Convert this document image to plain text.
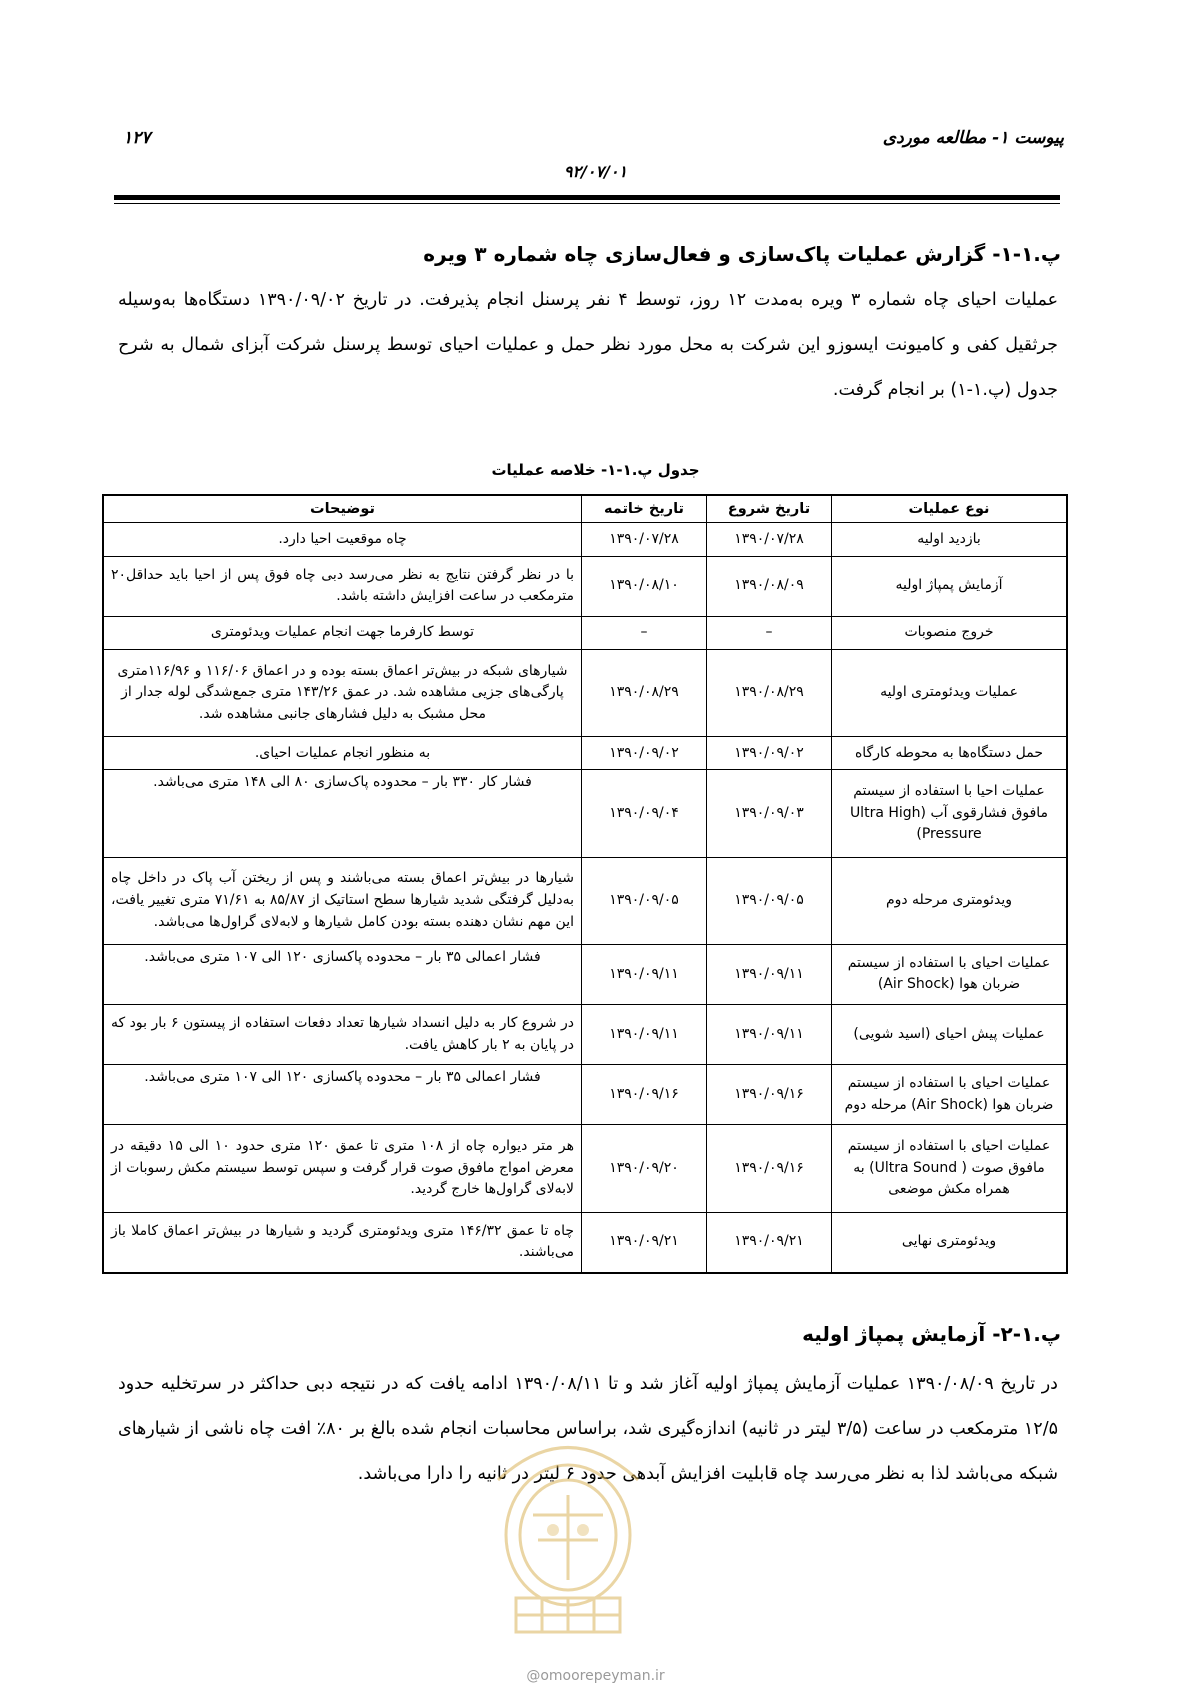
پیوست ۱- مطالعه موردی
۱۲۷
۹۲/۰۷/۰۱
پ.۱-۱- گزارش عملیات پاک‌سازی و فعال‌سازی چاه شماره ۳ ویره
عملیات احیای چاه شماره ۳ ویره به‌مدت ۱۲ روز، توسط ۴ نفر پرسنل انجام پذیرفت. در تاریخ ۱۳۹۰/۰۹/۰۲ دستگاه‌ها به‌وسیله جرثقیل کفی و کامیونت ایسوزو این شرکت به محل مورد نظر حمل و عملیات احیای توسط پرسنل شرکت آبزای شمال به شرح جدول (پ.۱-۱) بر انجام گرفت.
جدول پ.۱-۱- خلاصه عملیات
نوع عملیات	تاریخ شروع	تاریخ خاتمه	توضیحات
بازدید اولیه	۱۳۹۰/۰۷/۲۸	۱۳۹۰/۰۷/۲۸	چاه موقعیت احیا دارد.
آزمایش پمپاژ اولیه	۱۳۹۰/۰۸/۰۹	۱۳۹۰/۰۸/۱۰	با در نظر گرفتن نتایج به نظر می‌رسد دبی چاه فوق پس از احیا باید حداقل۲۰ مترمکعب در ساعت افزایش داشته باشد.
خروج منصوبات	–	–	توسط کارفرما جهت انجام عملیات ویدئومتری
عملیات ویدئومتری اولیه	۱۳۹۰/۰۸/۲۹	۱۳۹۰/۰۸/۲۹	شیارهای شبکه در بیش‌تر اعماق بسته بوده و در اعماق ۱۱۶/۰۶ و ۱۱۶/۹۶متری پارگی‌های جزیی مشاهده شد. در عمق ۱۴۳/۲۶ متری جمع‌شدگی لوله جدار از محل مشبک به دلیل فشارهای جانبی مشاهده شد.
حمل دستگاه‌ها به محوطه کارگاه	۱۳۹۰/۰۹/۰۲	۱۳۹۰/۰۹/۰۲	به منظور انجام عملیات احیای.
عملیات احیا با استفاده از سیستم مافوق فشارقوی آب (Ultra High Pressure)	۱۳۹۰/۰۹/۰۳	۱۳۹۰/۰۹/۰۴	فشار کار ۳۳۰ بار – محدوده پاک‌سازی ۸۰ الی ۱۴۸ متری می‌باشد.
ویدئومتری مرحله دوم	۱۳۹۰/۰۹/۰۵	۱۳۹۰/۰۹/۰۵	شیارها در بیش‌تر اعماق بسته می‌باشند و پس از ریختن آب پاک در داخل چاه به‌دلیل گرفتگی شدید شیارها سطح استاتیک از ۸۵/۸۷ به ۷۱/۶۱ متری تغییر یافت، این مهم نشان دهنده بسته بودن کامل شیارها و لابه‌لای گراول‌ها می‌باشد.
عملیات احیای با استفاده از سیستم ضربان هوا (Air Shock)	۱۳۹۰/۰۹/۱۱	۱۳۹۰/۰۹/۱۱	فشار اعمالی ۳۵ بار – محدوده پاکسازی ۱۲۰ الی ۱۰۷ متری می‌باشد.
عملیات پیش احیای (اسید شویی)	۱۳۹۰/۰۹/۱۱	۱۳۹۰/۰۹/۱۱	در شروع کار به دلیل انسداد شیارها تعداد دفعات استفاده از پیستون ۶ بار بود که در پایان به ۲ بار کاهش یافت.
عملیات احیای با استفاده از سیستم ضربان هوا (Air Shock) مرحله دوم	۱۳۹۰/۰۹/۱۶	۱۳۹۰/۰۹/۱۶	فشار اعمالی ۳۵ بار – محدوده پاکسازی ۱۲۰ الی ۱۰۷ متری می‌باشد.
عملیات احیای با استفاده از سیستم مافوق صوت ( Ultra Sound) به همراه مکش موضعی	۱۳۹۰/۰۹/۱۶	۱۳۹۰/۰۹/۲۰	هر متر دیواره چاه از ۱۰۸ متری تا عمق ۱۲۰ متری حدود ۱۰ الی ۱۵ دقیقه در معرض امواج مافوق صوت قرار گرفت و سپس توسط سیستم مکش رسوبات از لابه‌لای گراول‌ها خارج گردید.
ویدئومتری نهایی	۱۳۹۰/۰۹/۲۱	۱۳۹۰/۰۹/۲۱	چاه تا عمق ۱۴۶/۳۲ متری ویدئومتری گردید و شیارها در بیش‌تر اعماق کاملا باز می‌باشند.
پ.۱-۲- آزمایش پمپاژ اولیه
در تاریخ ۱۳۹۰/۰۸/۰۹ عملیات آزمایش پمپاژ اولیه آغاز شد و تا ۱۳۹۰/۰۸/۱۱ ادامه یافت که در نتیجه دبی حداکثر در سرتخلیه حدود ۱۲/۵ مترمکعب در ساعت (۳/۵ لیتر در ثانیه) اندازه‌گیری شد، براساس محاسبات انجام شده بالغ بر ۸۰٪ افت چاه ناشی از شیارهای شبکه می‌باشد لذا به نظر می‌رسد چاه قابلیت افزایش آبدهی حدود ۶ لیتر در ثانیه را دارا می‌باشد.
@omoorepeyman.ir
